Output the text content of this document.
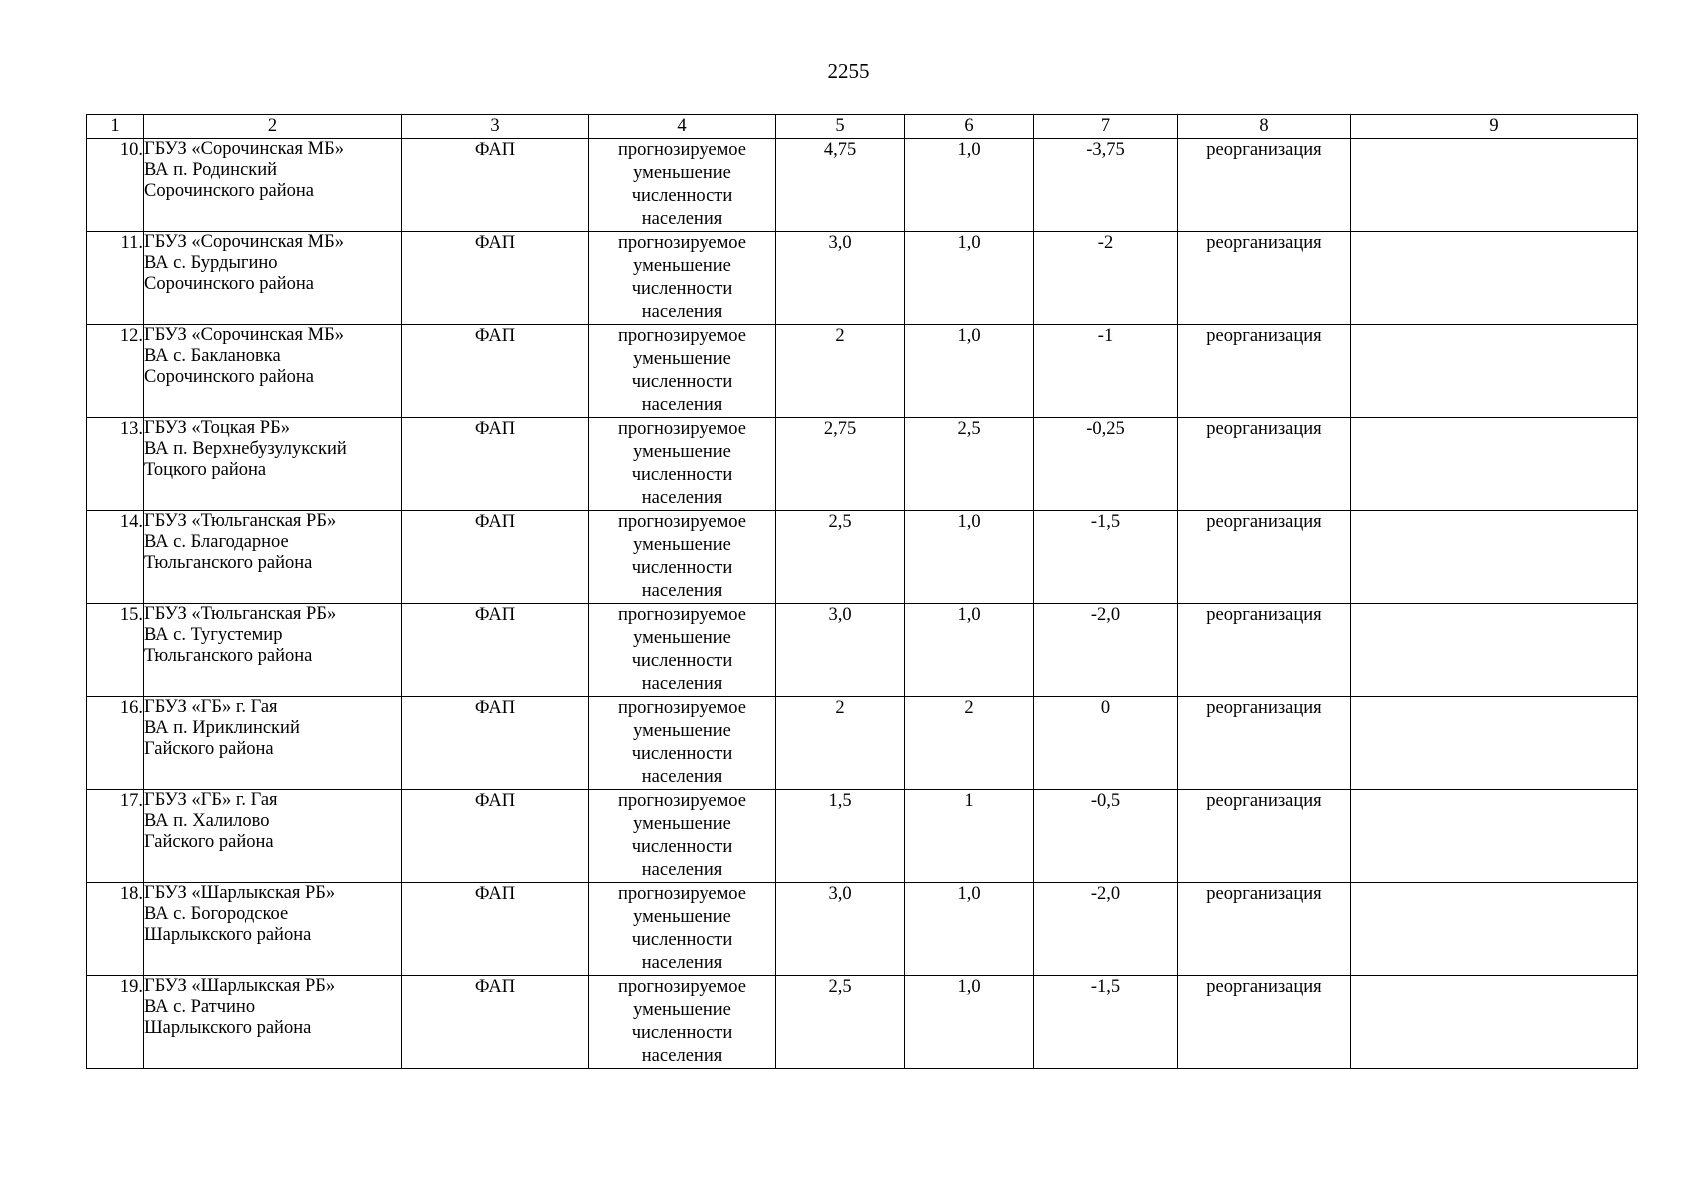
2255
1	2	3	4	5	6	7	8	9
10.	ГБУЗ «Сорочинская МБ»
ВА п. Родинский
Сорочинского района	ФАП	прогнозируемое
уменьшение
численности
населения	4,75	1,0	-3,75	реорганизация	
11.	ГБУЗ «Сорочинская МБ»
ВА с. Бурдыгино
Сорочинского района	ФАП	прогнозируемое
уменьшение
численности
населения	3,0	1,0	-2	реорганизация	
12.	ГБУЗ «Сорочинская МБ»
ВА с. Баклановка
Сорочинского района	ФАП	прогнозируемое
уменьшение
численности
населения	2	1,0	-1	реорганизация	
13.	ГБУЗ «Тоцкая РБ»
ВА п. Верхнебузулукский
Тоцкого района	ФАП	прогнозируемое
уменьшение
численности
населения	2,75	2,5	-0,25	реорганизация	
14.	ГБУЗ «Тюльганская РБ»
ВА с. Благодарное
Тюльганского района	ФАП	прогнозируемое
уменьшение
численности
населения	2,5	1,0	-1,5	реорганизация	
15.	ГБУЗ «Тюльганская РБ»
ВА с. Тугустемир
Тюльганского района	ФАП	прогнозируемое
уменьшение
численности
населения	3,0	1,0	-2,0	реорганизация	
16.	ГБУЗ «ГБ» г. Гая
ВА п. Ириклинский
Гайского района	ФАП	прогнозируемое
уменьшение
численности
населения	2	2	0	реорганизация	
17.	ГБУЗ «ГБ» г. Гая
ВА п. Халилово
Гайского района	ФАП	прогнозируемое
уменьшение
численности
населения	1,5	1	-0,5	реорганизация	
18.	ГБУЗ «Шарлыкская РБ»
ВА с. Богородское
Шарлыкского района	ФАП	прогнозируемое
уменьшение
численности
населения	3,0	1,0	-2,0	реорганизация	
19.	ГБУЗ «Шарлыкская РБ»
ВА с. Ратчино
Шарлыкского района	ФАП	прогнозируемое
уменьшение
численности
населения	2,5	1,0	-1,5	реорганизация	
